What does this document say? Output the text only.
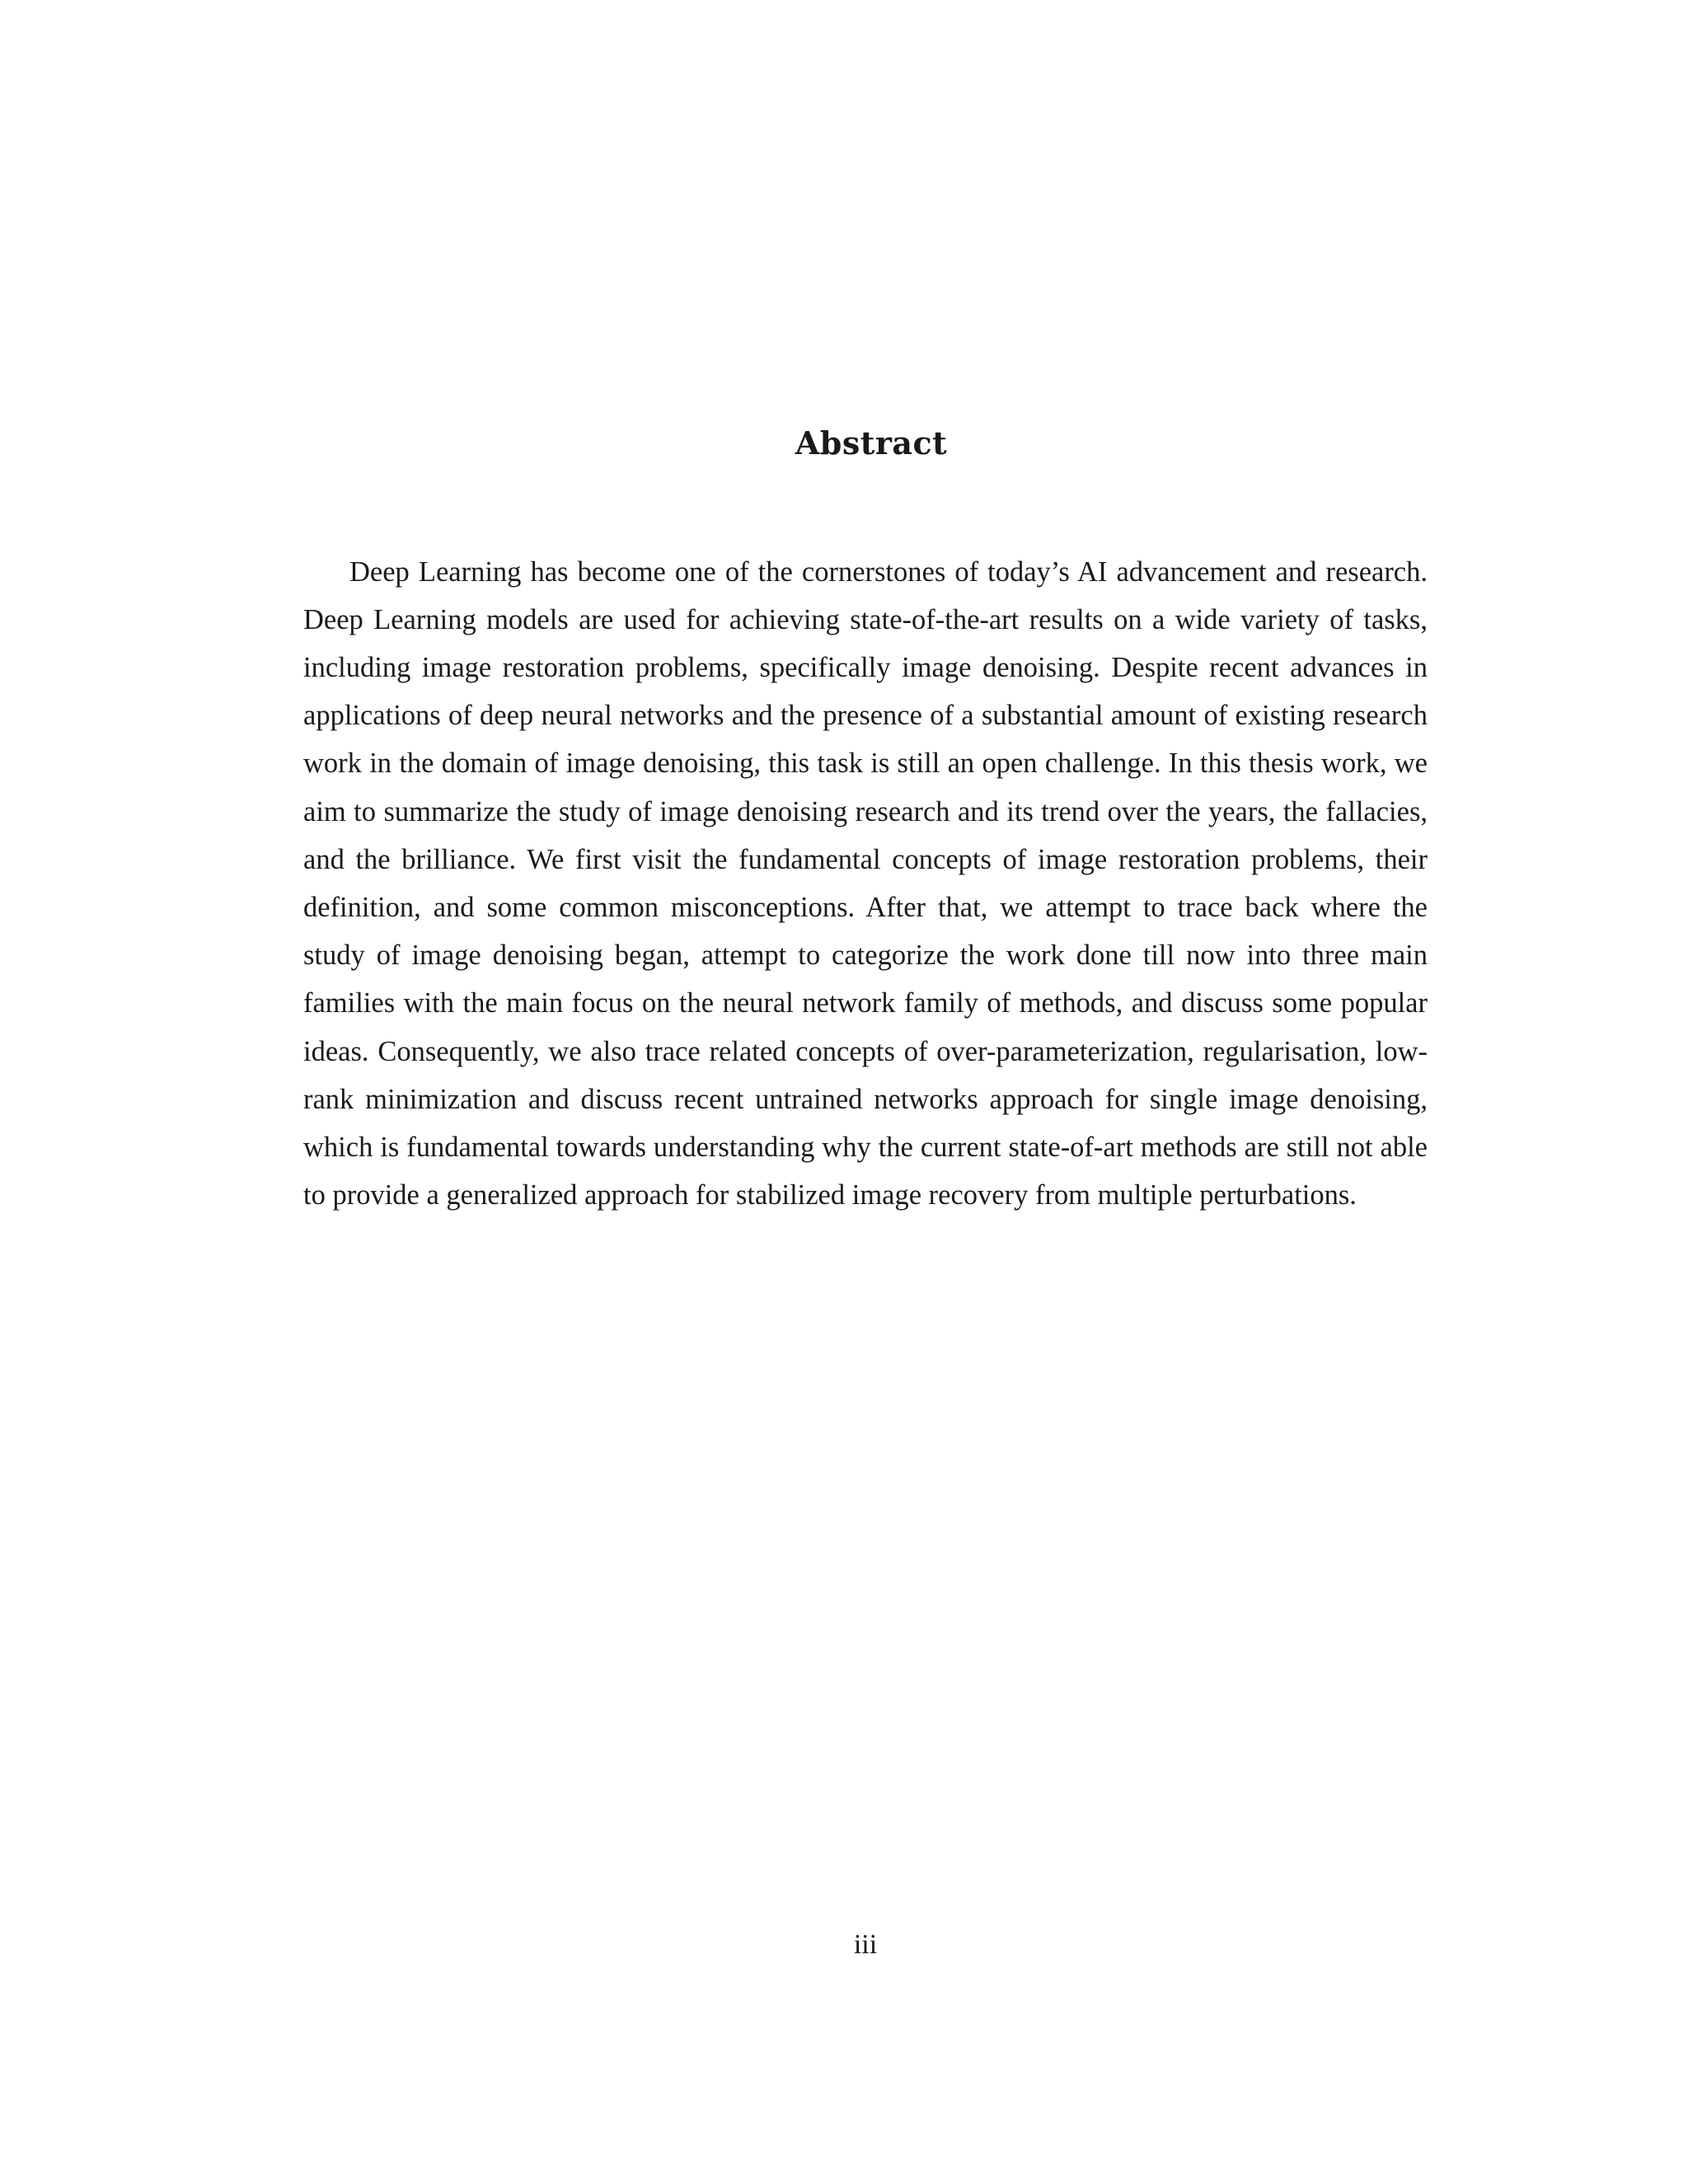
Abstract

Deep Learning has become one of the cornerstones of today’s AI advancement and research. Deep Learning models are used for achieving state-of-the-art results on a wide variety of tasks, including image restoration problems, specifically image denoising. Despite recent advances in applications of deep neural networks and the presence of a substantial amount of existing research work in the domain of image denoising, this task is still an open challenge. In this thesis work, we aim to summarize the study of image denoising research and its trend over the years, the fallacies, and the brilliance. We first visit the fundamental concepts of image restoration problems, their definition, and some common misconceptions. After that, we attempt to trace back where the study of image denoising began, attempt to categorize the work done till now into three main families with the main focus on the neural network family of methods, and discuss some popular ideas. Consequently, we also trace related concepts of over-parameterization, regularisation, low-rank minimization and discuss recent untrained networks approach for single image denoising, which is fundamental towards understanding why the current state-of-art methods are still not able to provide a generalized approach for stabilized image recovery from multiple perturbations.

iii
